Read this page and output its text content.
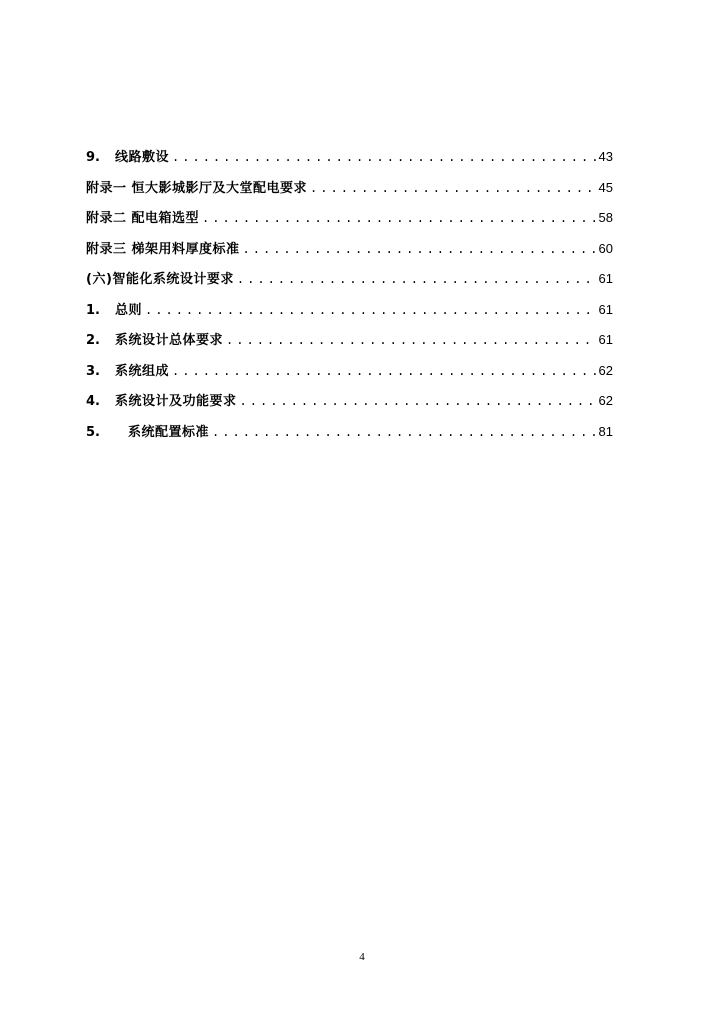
9.	线路敷设 .....	43
附录一 恒大影城影厅及大堂配电要求 .....	45
附录二 配电箱选型 .....	58
附录三 梯架用料厚度标准 .....	60
(六)智能化系统设计要求 .....	61
1.	总则 .....	61
2.	系统设计总体要求 .....	61
3.	系统组成 .....	62
4.	系统设计及功能要求 .....	62
5.	系统配置标准 .....	81
4
